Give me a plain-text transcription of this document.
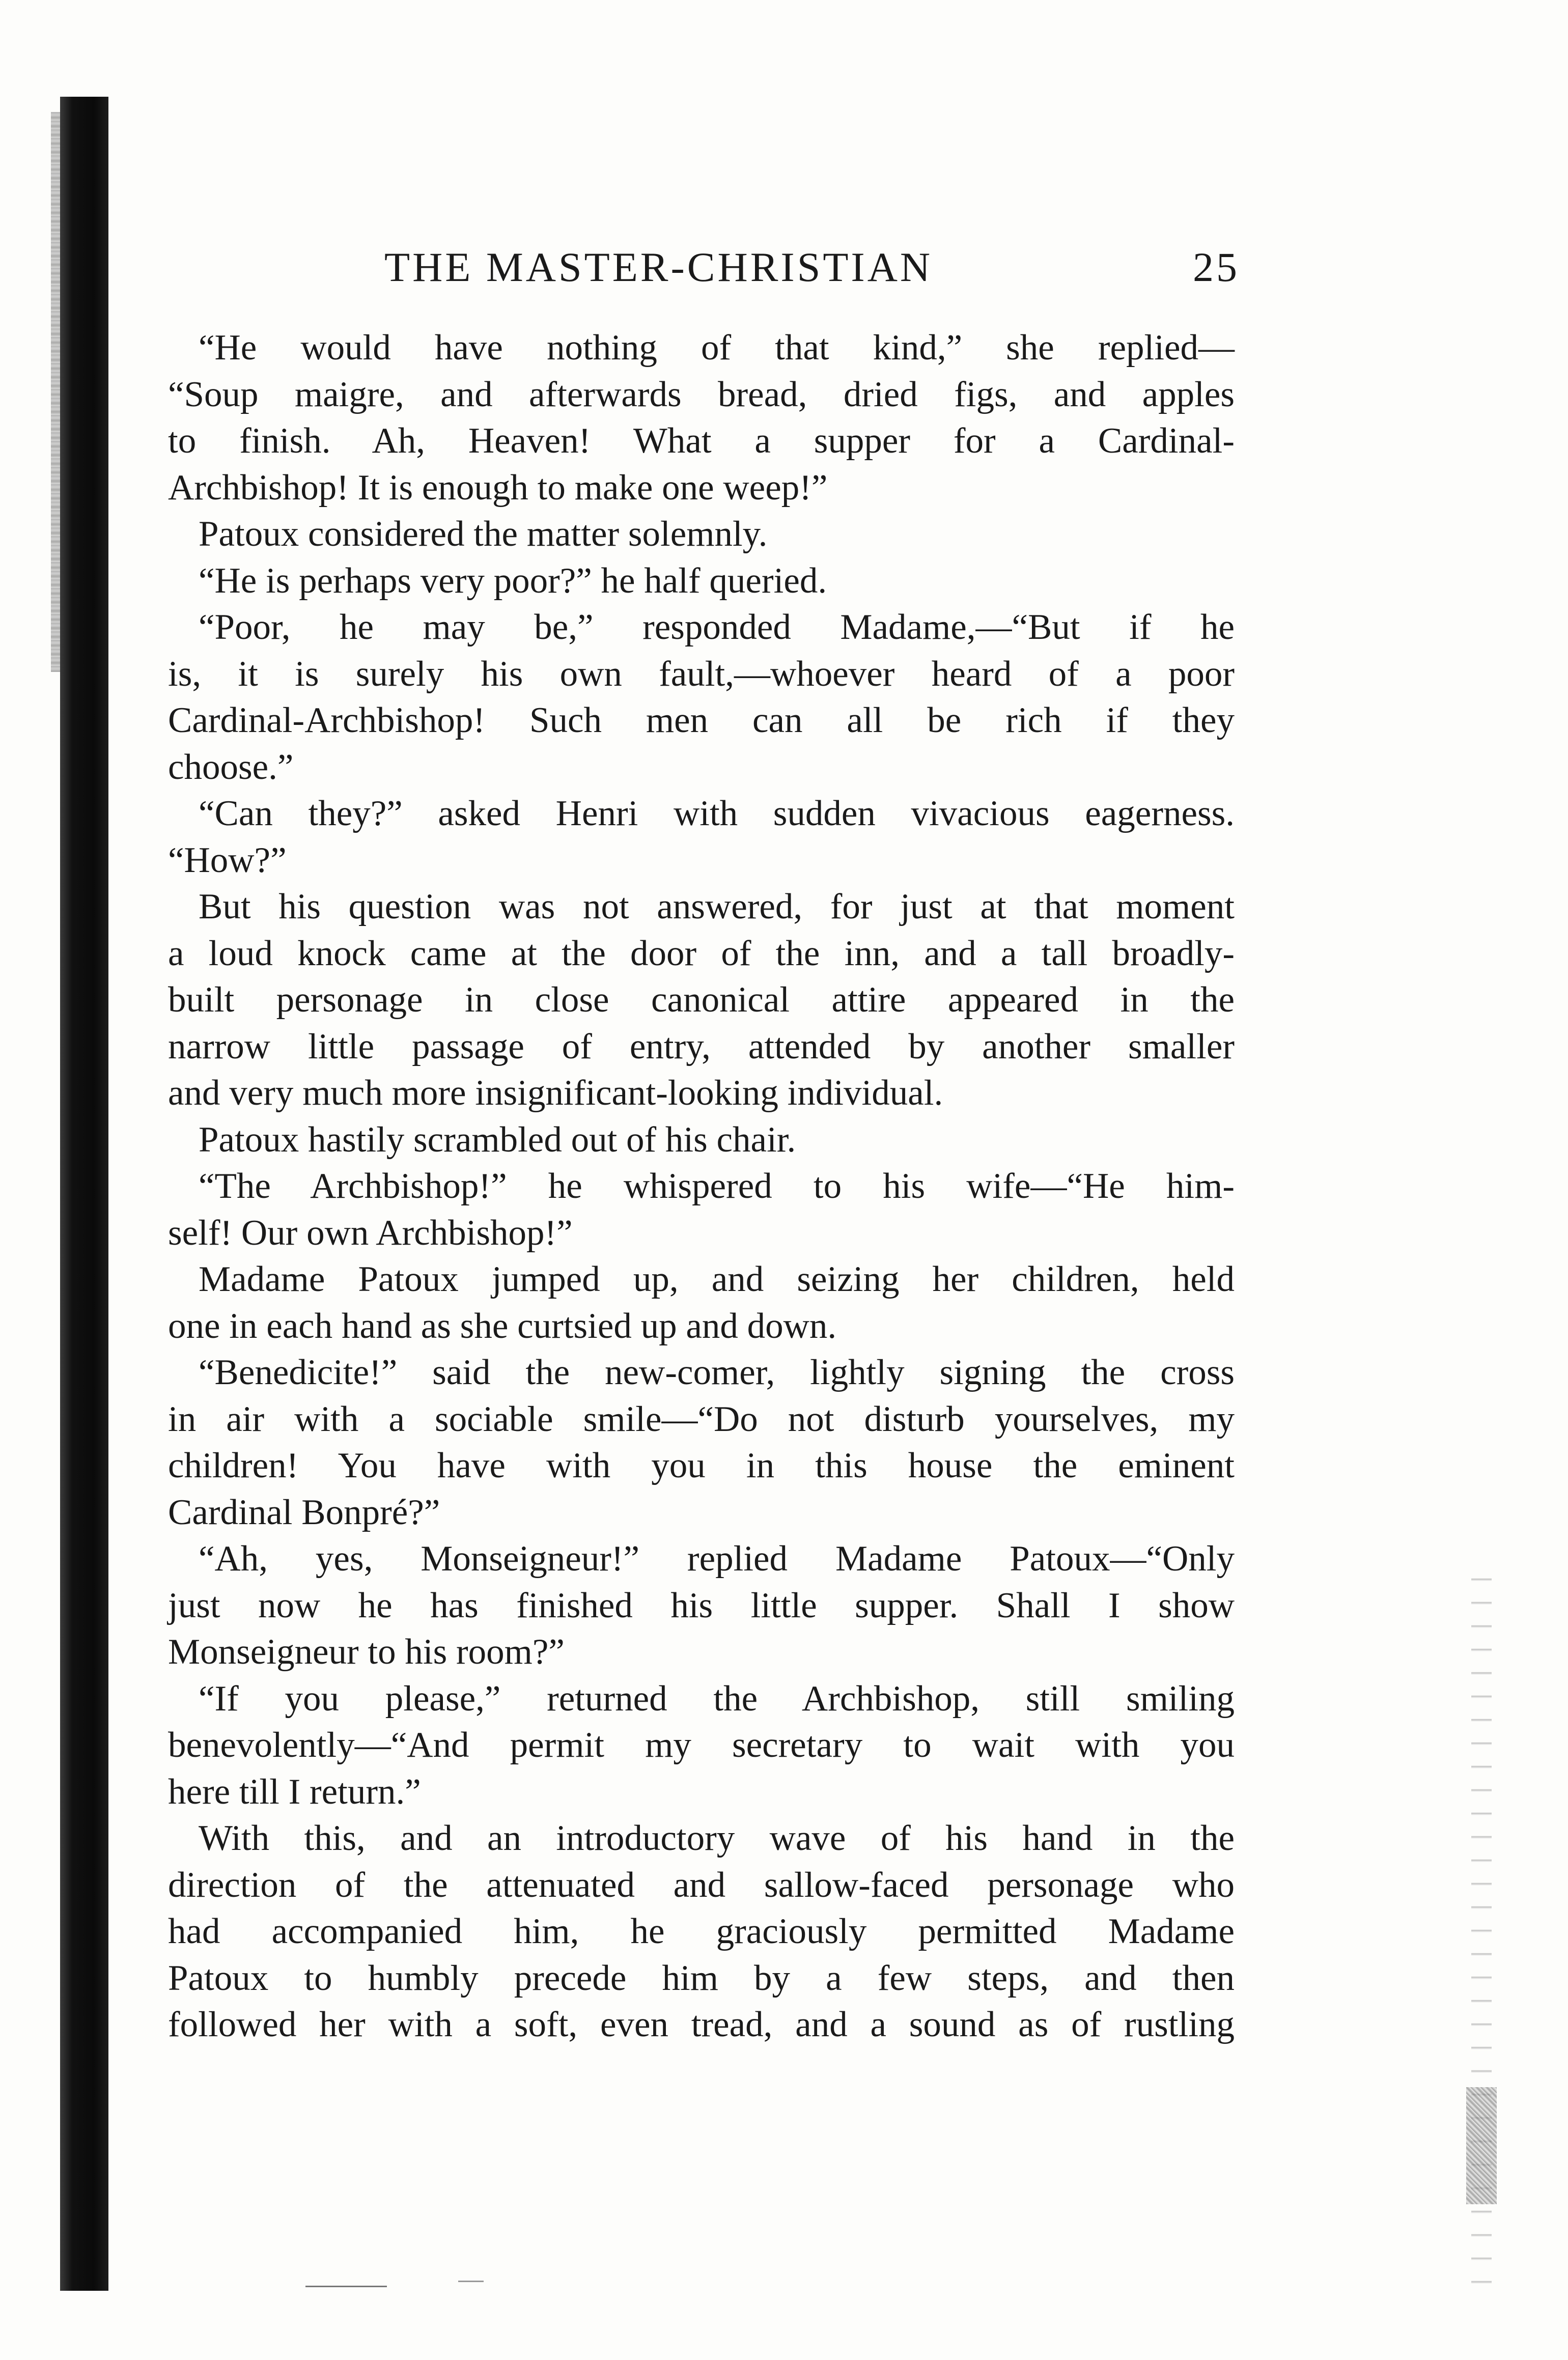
THE MASTER-CHRISTIAN	25
“He would have nothing of that kind,” she replied—
“Soup maigre, and afterwards bread, dried figs, and apples
to finish. Ah, Heaven! What a supper for a Cardinal-
Archbishop! It is enough to make one weep!”
Patoux considered the matter solemnly.
“He is perhaps very poor?” he half queried.
“Poor, he may be,” responded Madame,—“But if he
is, it is surely his own fault,—whoever heard of a poor
Cardinal-Archbishop! Such men can all be rich if they
choose.”
“Can they?” asked Henri with sudden vivacious eagerness.
“How?”
But his question was not answered, for just at that moment
a loud knock came at the door of the inn, and a tall broadly-
built personage in close canonical attire appeared in the
narrow little passage of entry, attended by another smaller
and very much more insignificant-looking individual.
Patoux hastily scrambled out of his chair.
“The Archbishop!” he whispered to his wife—“He him-
self! Our own Archbishop!”
Madame Patoux jumped up, and seizing her children, held
one in each hand as she curtsied up and down.
“Benedicite!” said the new-comer, lightly signing the cross
in air with a sociable smile—“Do not disturb yourselves, my
children! You have with you in this house the eminent
Cardinal Bonpré?”
“Ah, yes, Monseigneur!” replied Madame Patoux—“Only
just now he has finished his little supper. Shall I show
Monseigneur to his room?”
“If you please,” returned the Archbishop, still smiling
benevolently—“And permit my secretary to wait with you
here till I return.”
With this, and an introductory wave of his hand in the
direction of the attenuated and sallow-faced personage who
had accompanied him, he graciously permitted Madame
Patoux to humbly precede him by a few steps, and then
followed her with a soft, even tread, and a sound as of rustling
